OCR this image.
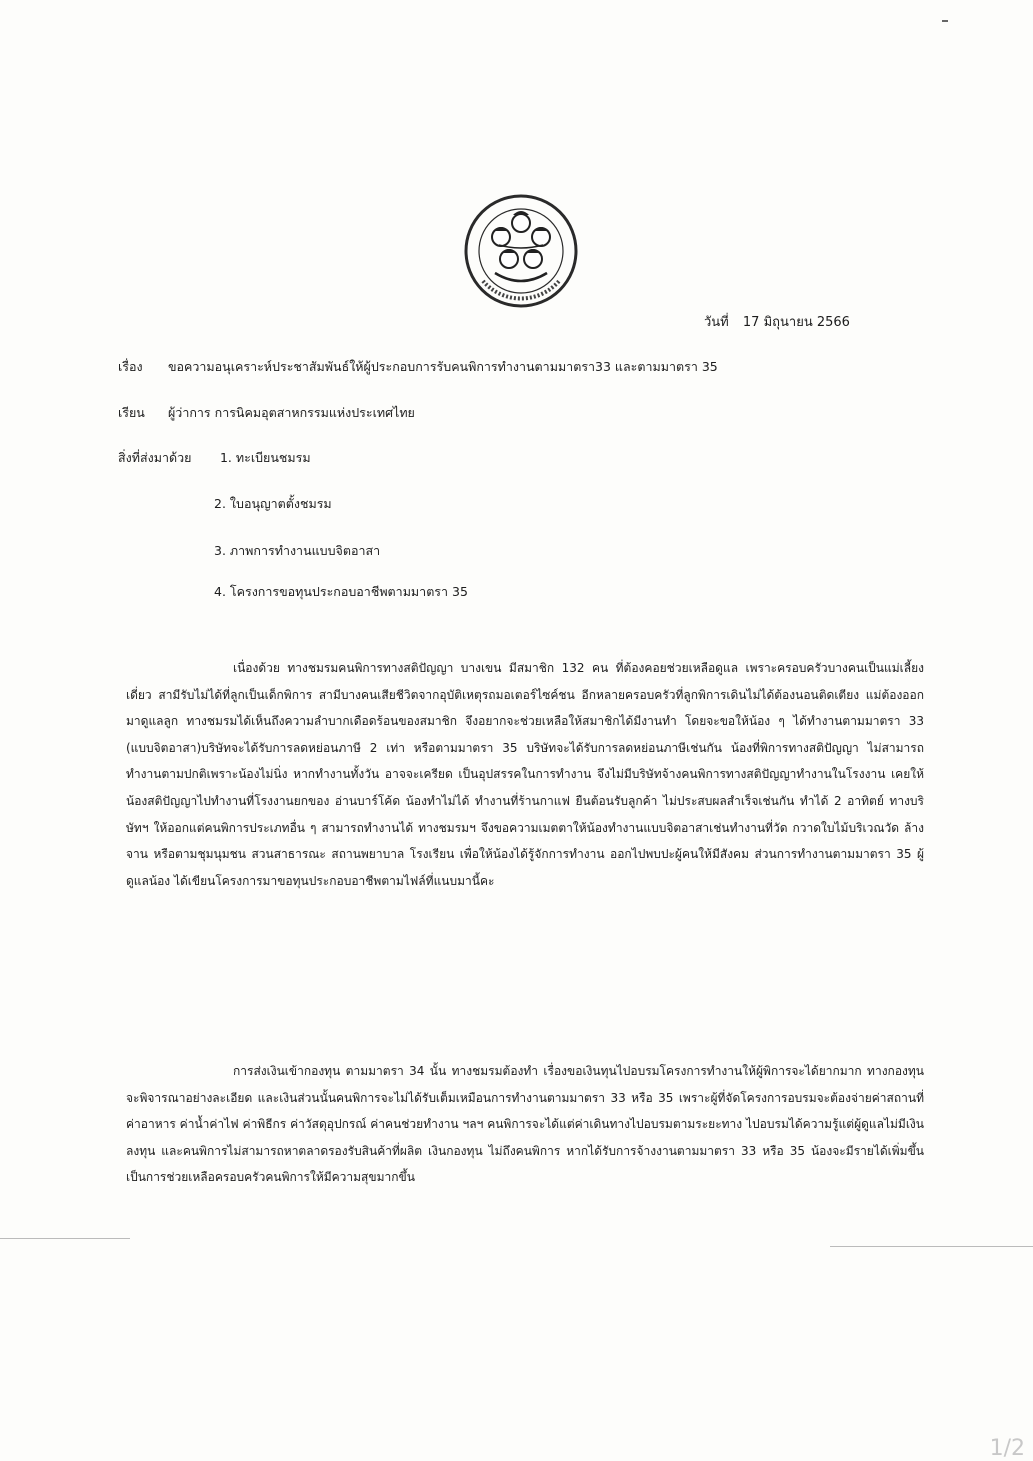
วันที่ 17 มิถุนายน 2566
เรื่อง ขอความอนุเคราะห์ประชาสัมพันธ์ให้ผู้ประกอบการรับคนพิการทำงานตามมาตรา33 และตามมาตรา 35
เรียน ผู้ว่าการ การนิคมอุตสาหกรรมแห่งประเทศไทย
สิ่งที่ส่งมาด้วย 1. ทะเบียนชมรม
2. ใบอนุญาตตั้งชมรม
3. ภาพการทำงานแบบจิตอาสา
4. โครงการขอทุนประกอบอาชีพตามมาตรา 35
เนื่องด้วย ทางชมรมคนพิการทางสติปัญญา บางเขน มีสมาชิก 132 คน ที่ต้องคอยช่วยเหลือดูแล เพราะครอบครัวบางคนเป็นแม่เลี้ยงเดี่ยว สามีรับไม่ได้ที่ลูกเป็นเด็กพิการ สามีบางคนเสียชีวิตจากอุบัติเหตุรถมอเตอร์ไซค์ชน อีกหลายครอบครัวที่ลูกพิการเดินไม่ได้ต้องนอนติดเตียง แม่ต้องออกมาดูแลลูก ทางชมรมได้เห็นถึงความลำบากเดือดร้อนของสมาชิก จึงอยากจะช่วยเหลือให้สมาชิกได้มีงานทำ โดยจะขอให้น้อง ๆ ได้ทำงานตามมาตรา 33 (แบบจิตอาสา)บริษัทจะได้รับการลดหย่อนภาษี 2 เท่า หรือตามมาตรา 35 บริษัทจะได้รับการลดหย่อนภาษีเช่นกัน น้องที่พิการทางสติปัญญา ไม่สามารถทำงานตามปกติเพราะน้องไม่นิ่ง หากทำงานทั้งวัน อาจจะเครียด เป็นอุปสรรคในการทำงาน จึงไม่มีบริษัทจ้างคนพิการทางสติปัญญาทำงานในโรงงาน เคยให้น้องสติปัญญาไปทำงานที่โรงงานยกของ อ่านบาร์โค้ด น้องทำไม่ได้ ทำงานที่ร้านกาแฟ ยืนต้อนรับลูกค้า ไม่ประสบผลสำเร็จเช่นกัน ทำได้ 2 อาทิตย์ ทางบริษัทฯ ให้ออกแต่คนพิการประเภทอื่น ๆ สามารถทำงานได้ ทางชมรมฯ จึงขอความเมตตาให้น้องทำงานแบบจิตอาสาเช่นทำงานที่วัด กวาดใบไม้บริเวณวัด ล้างจาน หรือตามชุมนุมชน สวนสาธารณะ สถานพยาบาล โรงเรียน เพื่อให้น้องได้รู้จักการทำงาน ออกไปพบปะผู้คนให้มีสังคม ส่วนการทำงานตามมาตรา 35 ผู้ดูแลน้อง ได้เขียนโครงการมาขอทุนประกอบอาชีพตามไฟล์ที่แนบมานี้คะ
การส่งเงินเข้ากองทุน ตามมาตรา 34 นั้น ทางชมรมต้องทำ เรื่องขอเงินทุนไปอบรมโครงการทำงานให้ผู้พิการจะได้ยากมาก ทางกองทุนจะพิจารณาอย่างละเอียด และเงินส่วนนั้นคนพิการจะไม่ได้รับเต็มเหมือนการทำงานตามมาตรา 33 หรือ 35 เพราะผู้ที่จัดโครงการอบรมจะต้องจ่ายค่าสถานที่ ค่าอาหาร ค่าน้ำค่าไฟ ค่าพิธีกร ค่าวัสดุอุปกรณ์ ค่าคนช่วยทำงาน ฯลฯ คนพิการจะได้แต่ค่าเดินทางไปอบรมตามระยะทาง ไปอบรมได้ความรู้แต่ผู้ดูแลไม่มีเงินลงทุน และคนพิการไม่สามารถหาตลาดรองรับสินค้าที่ผลิต เงินกองทุน ไม่ถึงคนพิการ หากได้รับการจ้างงานตามมาตรา 33 หรือ 35 น้องจะมีรายได้เพิ่มขึ้น เป็นการช่วยเหลือครอบครัวคนพิการให้มีความสุขมากขึ้น
1/2
